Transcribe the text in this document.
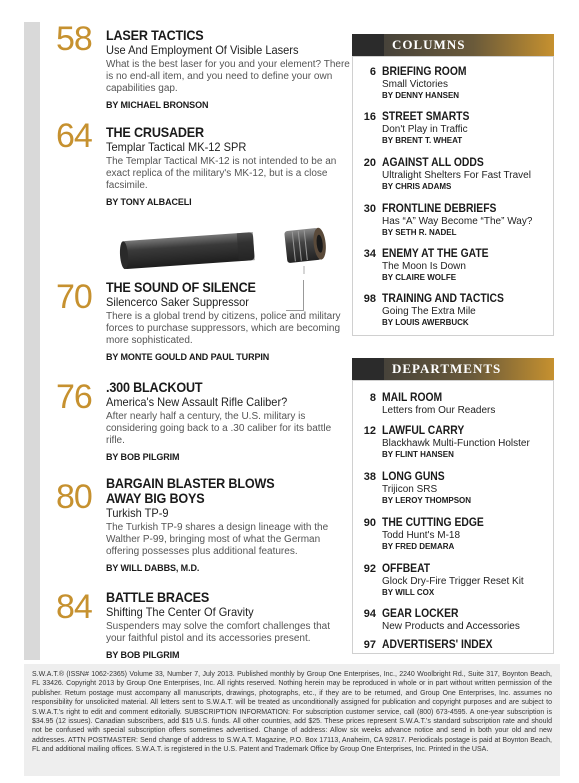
58 LASER TACTICS
Use And Employment Of Visible Lasers
What is the best laser for you and your element? There is no end-all item, and you need to define your own capabilities gap.
BY MICHAEL BRONSON
64 THE CRUSADER
Templar Tactical MK-12 SPR
The Templar Tactical MK-12 is not intended to be an exact replica of the military's MK-12, but is a close facsimile.
BY TONY ALBACELI
70 THE SOUND OF SILENCE
Silencerco Saker Suppressor
There is a global trend by citizens, police and military forces to purchase suppressors, which are becoming more sophisticated.
BY MONTE GOULD AND PAUL TURPIN
76 .300 BLACKOUT
America's New Assault Rifle Caliber?
After nearly half a century, the U.S. military is considering going back to a .30 caliber for its battle rifle.
BY BOB PILGRIM
80 BARGAIN BLASTER BLOWS
AWAY BIG BOYS
Turkish TP-9
The Turkish TP-9 shares a design lineage with the Walther P-99, bringing most of what the German offering possesses plus additional features.
BY WILL DABBS, M.D.
84 BATTLE BRACES
Shifting The Center Of Gravity
Suspenders may solve the comfort challenges that your faithful pistol and its accessories present.
BY BOB PILGRIM
COLUMNS
6 BRIEFING ROOM
Small Victories
BY DENNY HANSEN
16 STREET SMARTS
Don't Play in Traffic
BY BRENT T. WHEAT
20 AGAINST ALL ODDS
Ultralight Shelters For Fast Travel
BY CHRIS ADAMS
30 FRONTLINE DEBRIEFS
Has “A” Way Become “The” Way?
BY SETH R. NADEL
34 ENEMY AT THE GATE
The Moon Is Down
BY CLAIRE WOLFE
98 TRAINING AND TACTICS
Going The Extra Mile
BY LOUIS AWERBUCK
DEPARTMENTS
8 MAIL ROOM
Letters from Our Readers
12 LAWFUL CARRY
Blackhawk Multi-Function Holster
BY FLINT HANSEN
38 LONG GUNS
Trijicon SRS
BY LEROY THOMPSON
90 THE CUTTING EDGE
Todd Hunt's M-18
BY FRED DEMARA
92 OFFBEAT
Glock Dry-Fire Trigger Reset Kit
BY WILL COX
94 GEAR LOCKER
New Products and Accessories
97 ADVERTISERS' INDEX
S.W.A.T.® (ISSN# 1062-2365) Volume 33, Number 7, July 2013. Published monthly by Group One Enterprises, Inc., 2240 Woolbright Rd., Suite 317, Boynton Beach, FL 33426. Copyright 2013 by Group One Enterprises, Inc. All rights reserved. Nothing herein may be reproduced in whole or in part without written permission of the publisher. Return postage must accompany all manuscripts, drawings, photographs, etc., if they are to be returned, and Group One Enterprises, Inc. assumes no responsibility for unsolicited material. All letters sent to S.W.A.T. will be treated as unconditionally assigned for publication and copyright purposes and are subject to S.W.A.T.'s right to edit and comment editorially. SUBSCRIPTION INFORMATION: For subscription customer service, call (800) 673-4595. A one-year subscription is $34.95 (12 issues). Canadian subscribers, add $15 U.S. funds. All other countries, add $25. These prices represent S.W.A.T.'s standard subscription rate and should not be confused with special subscription offers sometimes advertised. Change of address: Allow six weeks advance notice and send in both your old and new addresses. ATTN POSTMASTER: Send change of address to S.W.A.T. Magazine, P.O. Box 17113, Anaheim, CA 92817. Periodicals postage is paid at Boynton Beach, FL and additional mailing offices. S.W.A.T. is registered in the U.S. Patent and Trademark Office by Group One Enterprises, Inc. Printed in the USA.
